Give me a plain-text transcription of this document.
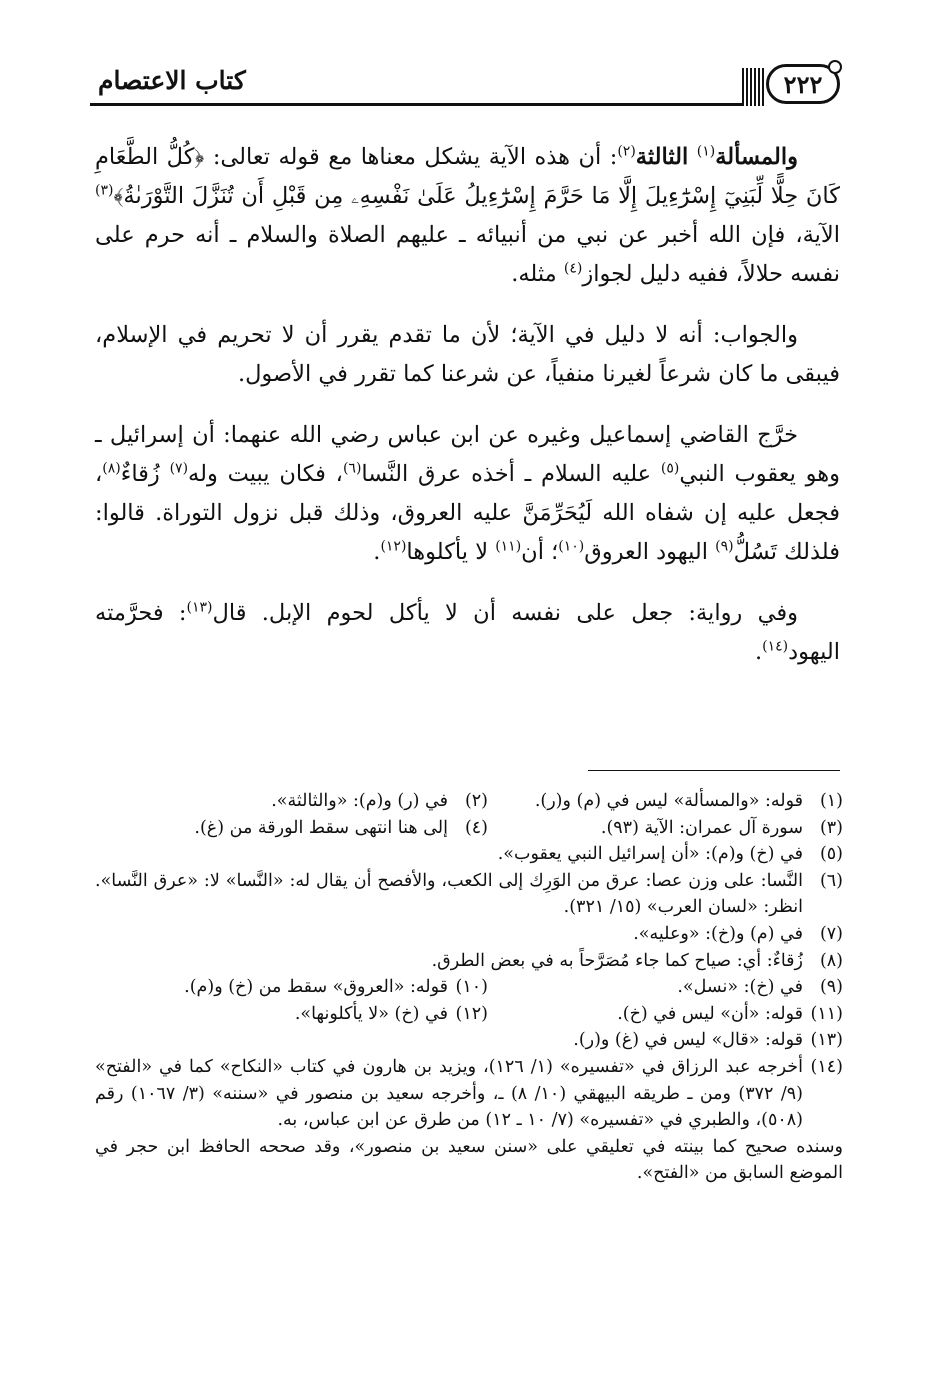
كتاب الاعتصام	٢٢٢

والمسألة$^{(١)}$ الثالثة$^{(٢)}$: أن هذه الآية يشكل معناها مع قوله تعالى: ﴿كُلُّ الطَّعَامِ كَانَ حِلًّا لِّبَنِيٓ إِسْرَٰٓءِيلَ إِلَّا مَا حَرَّمَ إِسْرَٰٓءِيلُ عَلَىٰ نَفْسِهِۦ مِن قَبْلِ أَن تُنَزَّلَ التَّوْرَىٰةُ﴾$^{(٣)}$ الآية، فإن الله أخبر عن نبي من أنبيائه ـ عليهم الصلاة والسلام ـ أنه حرم على نفسه حلالاً، ففيه دليل لجواز$^{(٤)}$ مثله.

والجواب: أنه لا دليل في الآية؛ لأن ما تقدم يقرر أن لا تحريم في الإسلام، فيبقى ما كان شرعاً لغيرنا منفياً، عن شرعنا كما تقرر في الأصول.

خرَّج القاضي إسماعيل وغيره عن ابن عباس رضي الله عنهما: أن إسرائيل ـ وهو يعقوب النبي$^{(٥)}$ عليه السلام ـ أخذه عرق النَّسا$^{(٦)}$، فكان يبيت وله$^{(٧)}$ زُقاءٌ$^{(٨)}$، فجعل عليه إن شفاه الله لَيُحَرِّمَنَّ عليه العروق، وذلك قبل نزول التوراة. قالوا: فلذلك تَسُلُّ$^{(٩)}$ اليهود العروق$^{(١٠)}$؛ أن$^{(١١)}$ لا يأكلوها$^{(١٢)}$.

وفي رواية: جعل على نفسه أن لا يأكل لحوم الإبل. قال$^{(١٣)}$: فحرَّمته اليهود$^{(١٤)}$.

(١)
قوله: «والمسألة» ليس في (م) و(ر).
(٢)
في (ر) و(م): «والثالثة».
(٣)
سورة آل عمران: الآية (٩٣).
(٤)
إلى هنا انتهى سقط الورقة من (غ).
(٥)
في (خ) و(م): «أن إسرائيل النبي يعقوب».
(٦)
النَّسا: على وزن عصا: عرق من الوَرِك إلى الكعب، والأفصح أن يقال له: «النَّسا» لا: «عرق النَّسا». انظر: «لسان العرب» (١٥/ ٣٢١).
(٧)
في (م) و(خ): «وعليه».
(٨)
زُقاءٌ: أي: صياح كما جاء مُصَرَّحاً به في بعض الطرق.
(٩)
في (خ): «نسل».
(١٠)
قوله: «العروق» سقط من (خ) و(م).
(١١)
قوله: «أن» ليس في (خ).
(١٢)
في (خ) «لا يأكلونها».
(١٣)
قوله: «قال» ليس في (غ) و(ر).
(١٤)
أخرجه عبد الرزاق في «تفسيره» (١/ ١٢٦)، ويزيد بن هارون في كتاب «النكاح» كما في «الفتح» (٩/ ٣٧٢) ومن ـ طريقه البيهقي (١٠/ ٨) ـ، وأخرجه سعيد بن منصور في «سننه» (٣/ ١٠٦٧) رقم (٥٠٨)، والطبري في «تفسيره» (٧/ ١٠ ـ ١٢) من طرق عن ابن عباس، به.
وسنده صحيح كما بينته في تعليقي على «سنن سعيد بن منصور»، وقد صححه الحافظ ابن حجر في الموضع السابق من «الفتح».
